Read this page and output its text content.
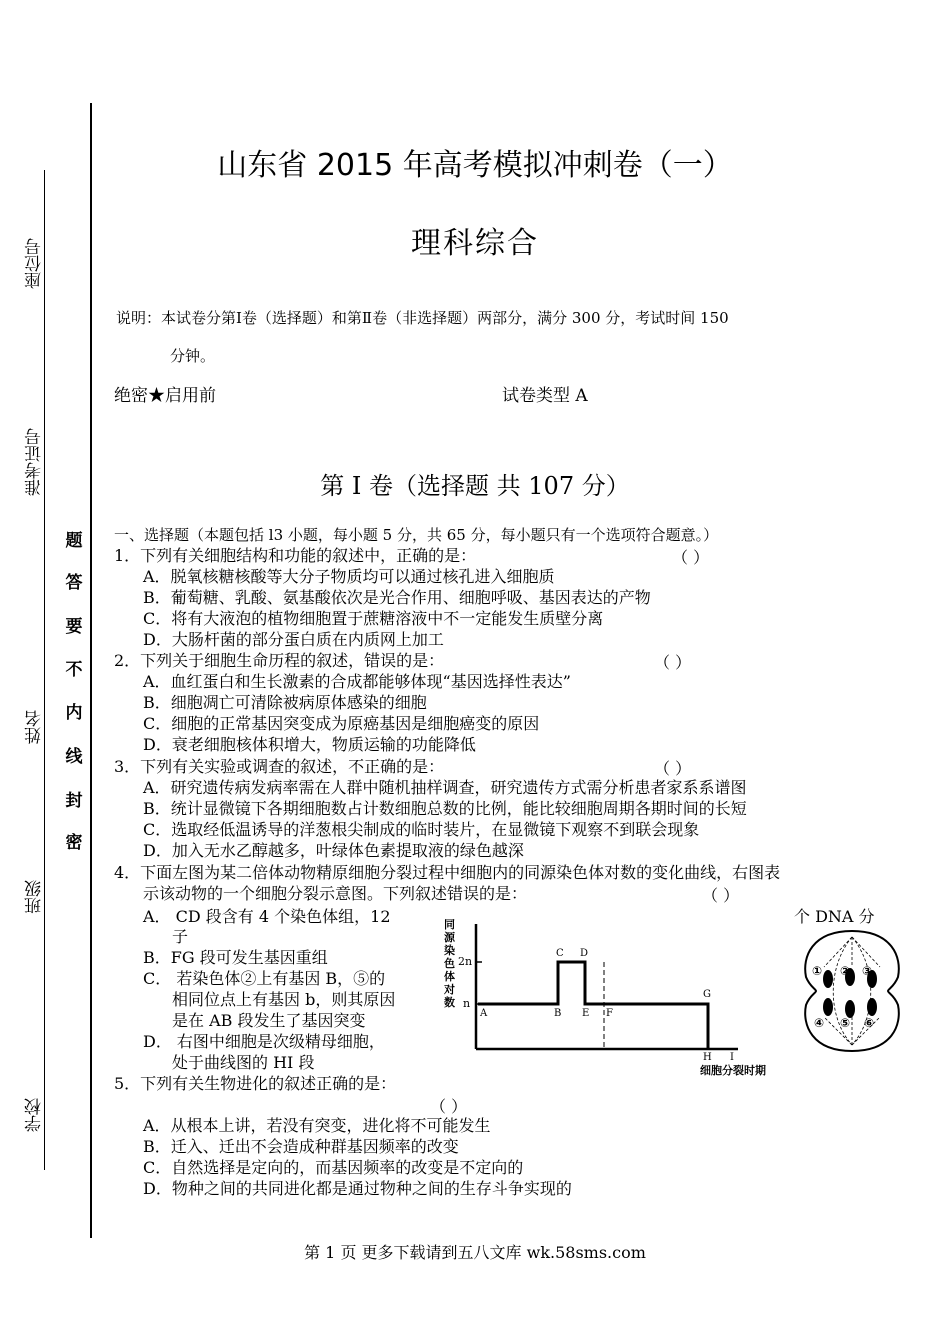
座位号
准考证号
姓名
班级
学校
题
答
要
不
内
线
封
密
山东省 2015 年高考模拟冲刺卷（一）
理科综合
说明：本试卷分第Ⅰ卷（选择题）和第Ⅱ卷（非选择题）两部分，满分 300 分，考试时间 150
分钟。
绝密★启用前	试卷类型 A
第 I 卷（选择题 共 107 分）
一、选择题（本题包括 l3 小题，每小题 5 分，共 65 分，每小题只有一个选项符合题意。）
1．下列有关细胞结构和功能的叙述中，正确的是：	（ ）
A．脱氧核糖核酸等大分子物质均可以通过核孔进入细胞质
B．葡萄糖、乳酸、氨基酸依次是光合作用、细胞呼吸、基因表达的产物
C．将有大液泡的植物细胞置于蔗糖溶液中不一定能发生质壁分离
D．大肠杆菌的部分蛋白质在内质网上加工
2．下列关于细胞生命历程的叙述，错误的是：	（ ）
A．血红蛋白和生长激素的合成都能够体现“基因选择性表达”
B．细胞凋亡可清除被病原体感染的细胞
C．细胞的正常基因突变成为原癌基因是细胞癌变的原因
D．衰老细胞核体积增大，物质运输的功能降低
3．下列有关实验或调查的叙述，不正确的是：	（ ）
A．研究遗传病发病率需在人群中随机抽样调查，研究遗传方式需分析患者家系系谱图
B．统计显微镜下各期细胞数占计数细胞总数的比例，能比较细胞周期各期时间的长短
C．选取经低温诱导的洋葱根尖制成的临时装片，在显微镜下观察不到联会现象
D．加入无水乙醇越多，叶绿体色素提取液的绿色越深
4．下面左图为某二倍体动物精原细胞分裂过程中细胞内的同源染色体对数的变化曲线，右图表
示该动物的一个细胞分裂示意图。下列叙述错误的是：	（ ）
A． CD 段含有 4 个染色体组，12
子
个 DNA 分
B．FG 段可发生基因重组
C． 若染色体②上有基因 B，⑤的
相同位点上有基因 b，则其原因
是在 AB 段发生了基因突变
D． 右图中细胞是次级精母细胞，
处于曲线图的 HI 段
同
源
染
色
体
对
数
2n
n
A	B
C D
E F
G
H I
细胞分裂时期
① ② ③
④ ⑤ ⑥
5．下列有关生物进化的叙述正确的是：
（ ）
A．从根本上讲，若没有突变，进化将不可能发生
B．迁入、迁出不会造成种群基因频率的改变
C．自然选择是定向的，而基因频率的改变是不定向的
D．物种之间的共同进化都是通过物种之间的生存斗争实现的
第 1 页 更多下载请到五八文库 wk.58sms.com
